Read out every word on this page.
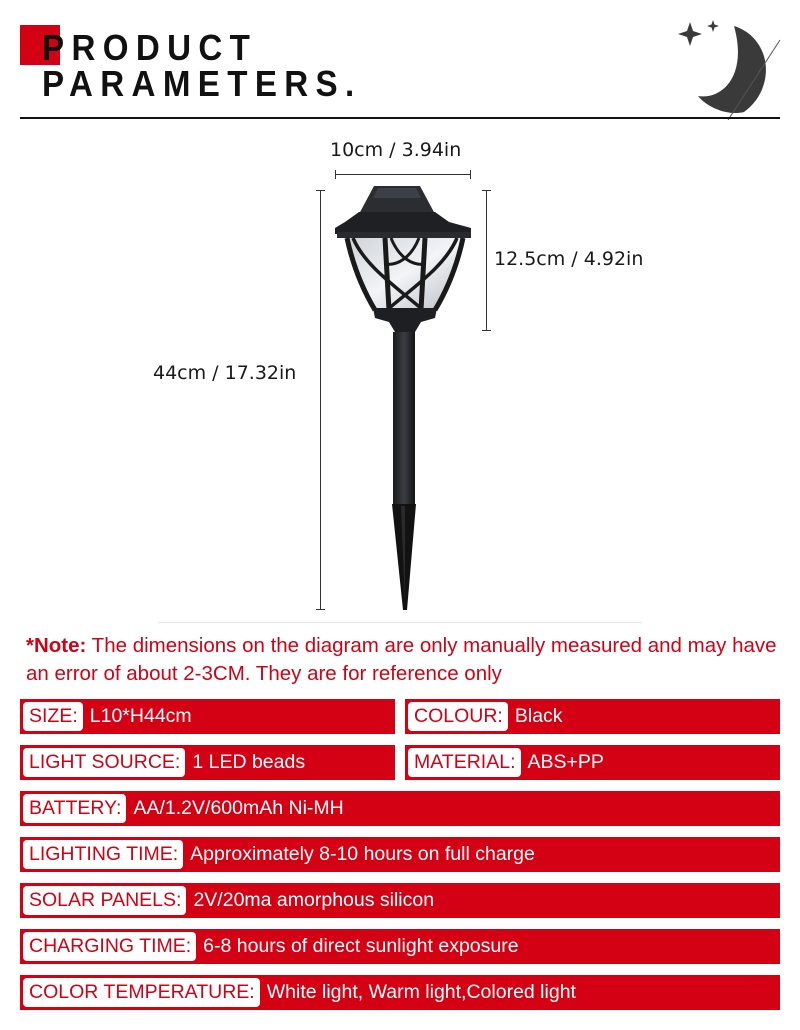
PRODUCT
PARAMETERS.
10cm / 3.94in
44cm / 17.32in
12.5cm / 4.92in
*Note: The dimensions on the diagram are only manually measured and may have an error of about 2-3CM. They are for reference only
SIZE: L10*H44cm	COLOUR: Black
LIGHT SOURCE: 1 LED beads	MATERIAL: ABS+PP
BATTERY: AA/1.2V/600mAh Ni-MH
LIGHTING TIME: Approximately 8-10 hours on full charge
SOLAR PANELS: 2V/20ma amorphous silicon
CHARGING TIME: 6-8 hours of direct sunlight exposure
COLOR TEMPERATURE: White light, Warm light,Colored light
